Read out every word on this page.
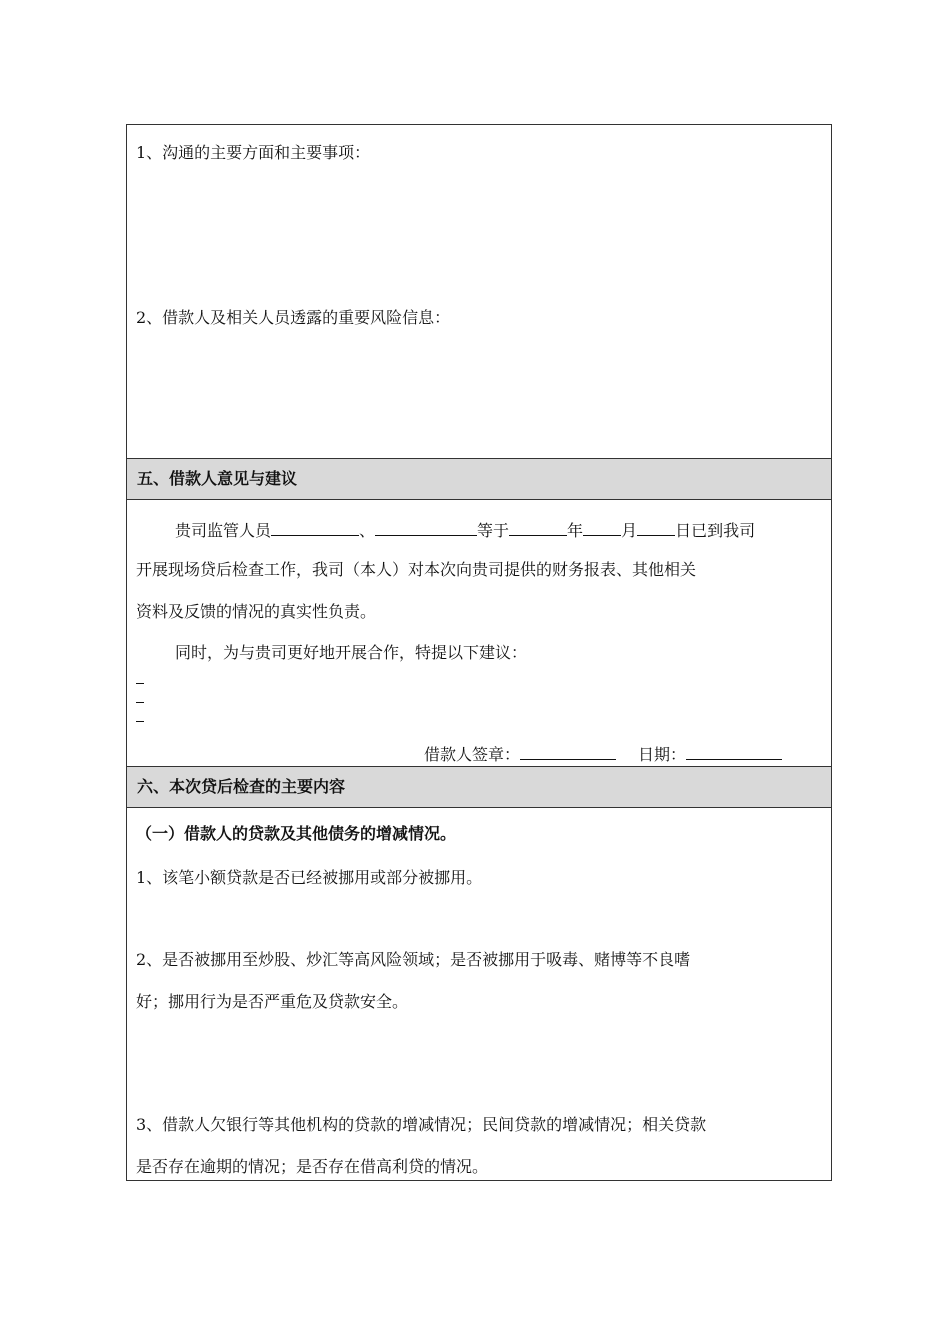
1、沟通的主要方面和主要事项：
2、借款人及相关人员透露的重要风险信息：
五、借款人意见与建议
贵司监管人员	、	等于	年 月 日已到我司
开展现场贷后检查工作，我司（本人）对本次向贵司提供的财务报表、其他相关
资料及反馈的情况的真实性负责。
同时，为与贵司更好地开展合作，特提以下建议：
借款人签章：	日期：
六、本次贷后检查的主要内容
（一）借款人的贷款及其他债务的增减情况。
1、该笔小额贷款是否已经被挪用或部分被挪用。
2、是否被挪用至炒股、炒汇等高风险领域；是否被挪用于吸毒、赌博等不良嗜
好；挪用行为是否严重危及贷款安全。
3、借款人欠银行等其他机构的贷款的增减情况；民间贷款的增减情况；相关贷款
是否存在逾期的情况；是否存在借高利贷的情况。
